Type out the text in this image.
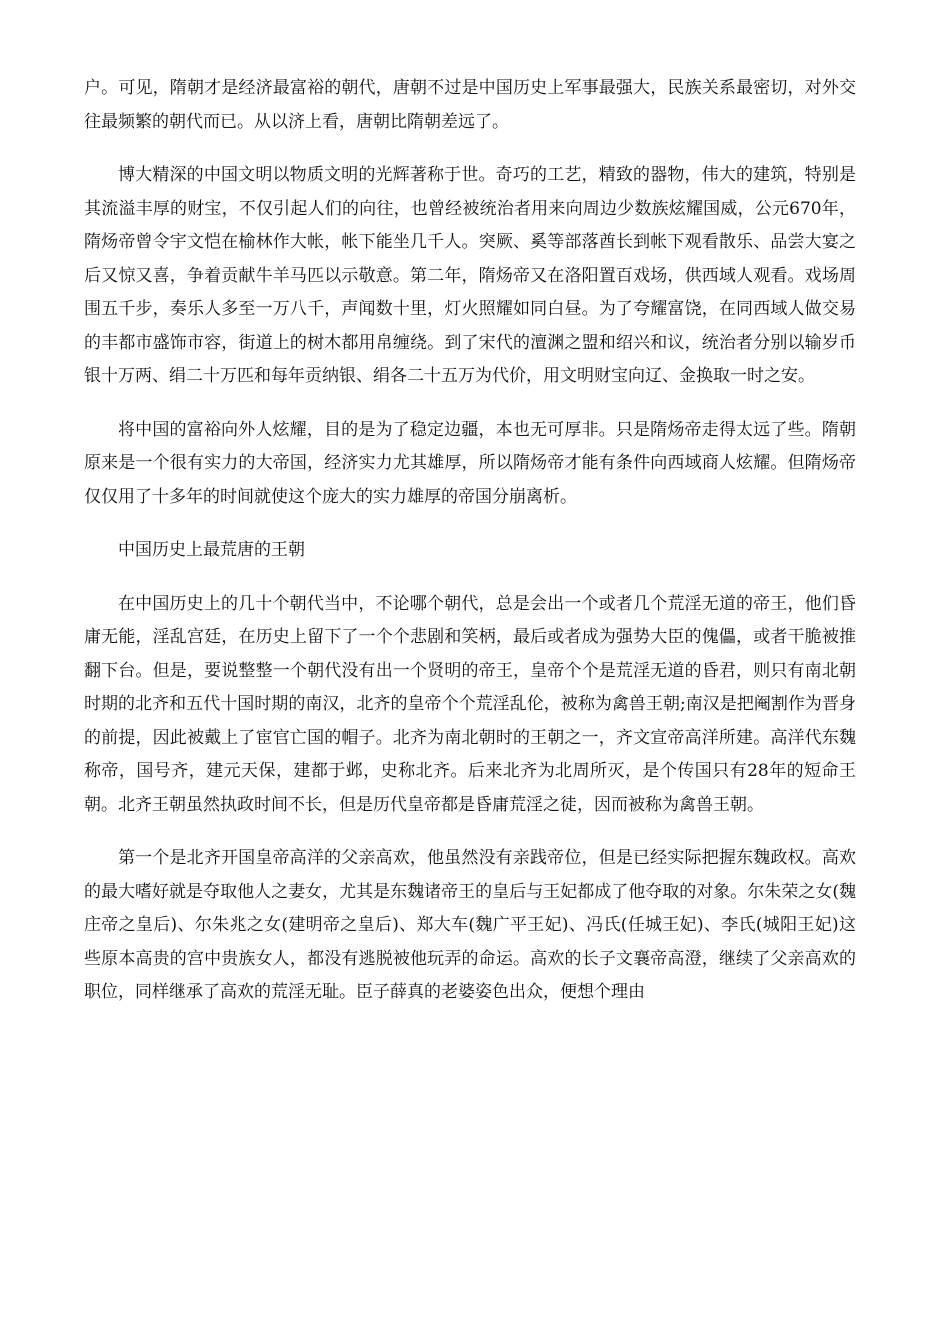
户。可见，隋朝才是经济最富裕的朝代，唐朝不过是中国历史上军事最强大，民族关系最密切，对外交往最频繁的朝代而已。从以济上看，唐朝比隋朝差远了。

博大精深的中国文明以物质文明的光辉著称于世。奇巧的工艺，精致的器物，伟大的建筑，特别是其流溢丰厚的财宝，不仅引起人们的向往，也曾经被统治者用来向周边少数族炫耀国威，公元670年，隋炀帝曾令宇文恺在榆林作大帐，帐下能坐几千人。突厥、奚等部落酋长到帐下观看散乐、品尝大宴之后又惊又喜，争着贡献牛羊马匹以示敬意。第二年，隋炀帝又在洛阳置百戏场，供西域人观看。戏场周围五千步，奏乐人多至一万八千，声闻数十里，灯火照耀如同白昼。为了夸耀富饶，在同西域人做交易的丰都市盛饰市容，街道上的树木都用帛缠绕。到了宋代的澶渊之盟和绍兴和议，统治者分别以输岁币银十万两、绢二十万匹和每年贡纳银、绢各二十五万为代价，用文明财宝向辽、金换取一时之安。

将中国的富裕向外人炫耀，目的是为了稳定边疆，本也无可厚非。只是隋炀帝走得太远了些。隋朝原来是一个很有实力的大帝国，经济实力尤其雄厚，所以隋炀帝才能有条件向西域商人炫耀。但隋炀帝仅仅用了十多年的时间就使这个庞大的实力雄厚的帝国分崩离析。

中国历史上最荒唐的王朝

在中国历史上的几十个朝代当中，不论哪个朝代，总是会出一个或者几个荒淫无道的帝王，他们昏庸无能，淫乱宫廷，在历史上留下了一个个悲剧和笑柄，最后或者成为强势大臣的傀儡，或者干脆被推翻下台。但是，要说整整一个朝代没有出一个贤明的帝王，皇帝个个是荒淫无道的昏君，则只有南北朝时期的北齐和五代十国时期的南汉，北齐的皇帝个个荒淫乱伦，被称为禽兽王朝;南汉是把阉割作为晋身的前提，因此被戴上了宦官亡国的帽子。北齐为南北朝时的王朝之一，齐文宣帝高洋所建。高洋代东魏称帝，国号齐，建元天保，建都于邺，史称北齐。后来北齐为北周所灭，是个传国只有28年的短命王朝。北齐王朝虽然执政时间不长，但是历代皇帝都是昏庸荒淫之徒，因而被称为禽兽王朝。

第一个是北齐开国皇帝高洋的父亲高欢，他虽然没有亲践帝位，但是已经实际把握东魏政权。高欢的最大嗜好就是夺取他人之妻女，尤其是东魏诸帝王的皇后与王妃都成了他夺取的对象。尔朱荣之女(魏庄帝之皇后)、尔朱兆之女(建明帝之皇后)、郑大车(魏广平王妃)、冯氏(任城王妃)、李氏(城阳王妃)这些原本高贵的宫中贵族女人，都没有逃脱被他玩弄的命运。高欢的长子文襄帝高澄，继续了父亲高欢的职位，同样继承了高欢的荒淫无耻。臣子薛真的老婆姿色出众，便想个理由
